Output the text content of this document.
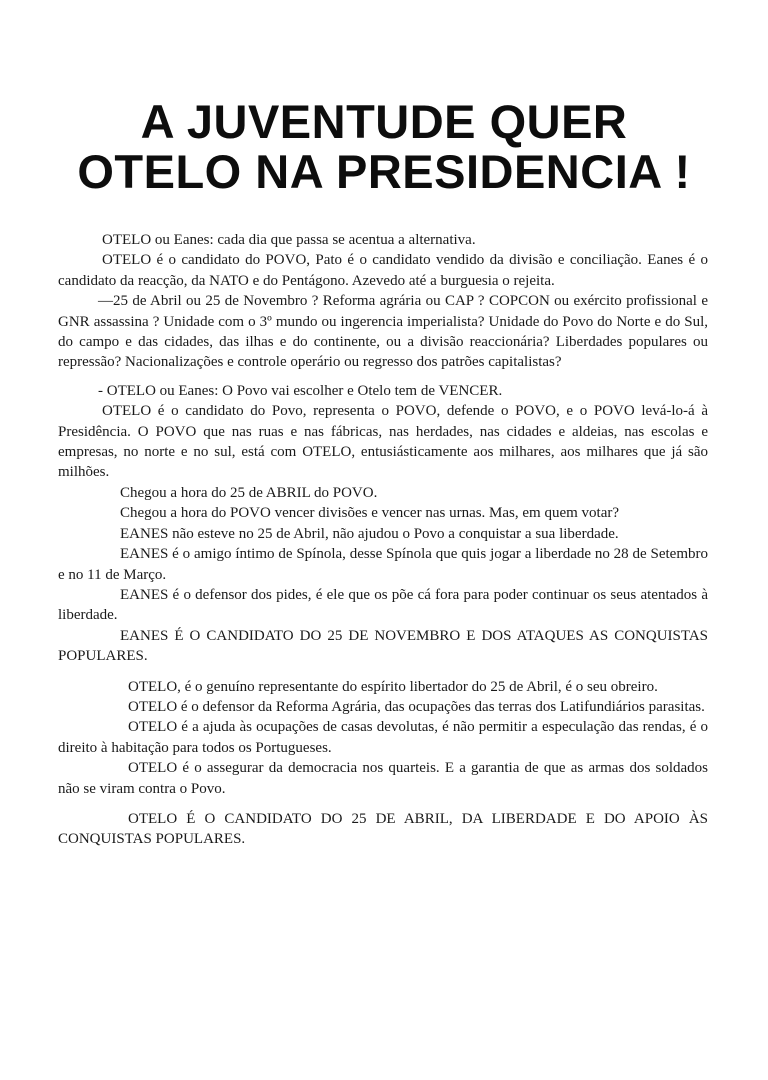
A JUVENTUDE QUER
OTELO NA PRESIDENCIA !

OTELO ou Eanes: cada dia que passa se acentua a alternativa.

OTELO é o candidato do POVO, Pato é o candidato vendido da divisão e conciliação. Eanes é o candidato da reacção, da NATO e do Pentágono. Azevedo até a burguesia o rejeita.

—25 de Abril ou 25 de Novembro ? Reforma agrária ou CAP ? COPCON ou exército profissional e GNR assassina ? Unidade com o 3º mundo ou ingerencia imperialista? Unidade do Povo do Norte e do Sul, do campo e das cidades, das ilhas e do continente, ou a divisão reaccionária? Liberdades populares ou repressão? Nacionalizações e controle operário ou regresso dos patrões capitalistas?

- OTELO ou Eanes: O Povo vai escolher e Otelo tem de VENCER.

OTELO é o candidato do Povo, representa o POVO, defende o POVO, e o POVO levá-lo-á à Presidência. O POVO que nas ruas e nas fábricas, nas herdades, nas cidades e aldeias, nas escolas e empresas, no norte e no sul, está com OTELO, entusiásticamente aos milhares, aos milhares que já são milhões.

Chegou a hora do 25 de ABRIL do POVO.

Chegou a hora do POVO vencer divisões e vencer nas urnas. Mas, em quem votar?

EANES não esteve no 25 de Abril, não ajudou o Povo a conquistar a sua liberdade.

EANES é o amigo íntimo de Spínola, desse Spínola que quis jogar a liberdade no 28 de Setembro e no 11 de Março.

EANES é o defensor dos pides, é ele que os põe cá fora para poder continuar os seus atentados à liberdade.

EANES É O CANDIDATO DO 25 DE NOVEMBRO E DOS ATAQUES AS CONQUISTAS POPULARES.

OTELO, é o genuíno representante do espírito libertador do 25 de Abril, é o seu obreiro.

OTELO é o defensor da Reforma Agrária, das ocupações das terras dos Latifundiários parasitas.

OTELO é a ajuda às ocupações de casas devolutas, é não permitir a especulação das rendas, é o direito à habitação para todos os Portugueses.

OTELO é o assegurar da democracia nos quarteis. E a garantia de que as armas dos soldados não se viram contra o Povo.

OTELO É O CANDIDATO DO 25 DE ABRIL, DA LIBERDADE E DO APOIO ÀS CONQUISTAS POPULARES.
